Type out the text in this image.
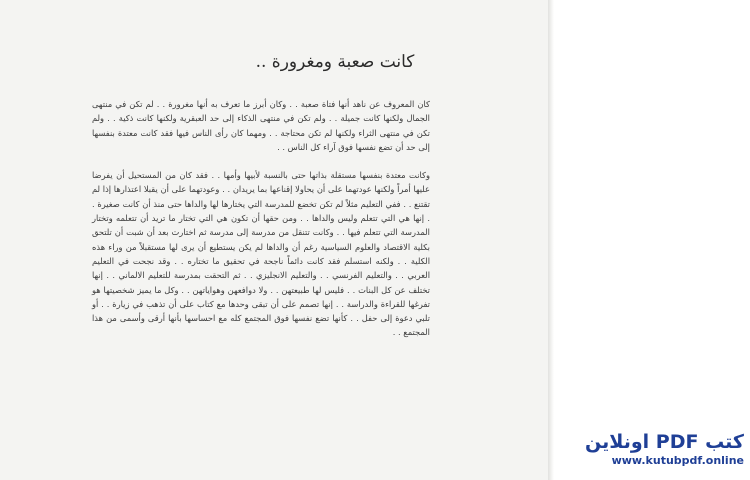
كانت صعبة ومغرورة ..

كان المعروف عن ناهد أنها فتاة صعبة . . وكان أبرز ما تعرف به أنها مغرورة . . لم تكن في منتهى الجمال ولكنها كانت جميلة . . ولم تكن في منتهى الذكاء إلى حد العبقرية ولكنها كانت ذكية . . ولم تكن في منتهى الثراء ولكنها لم تكن محتاجة . . ومهما كان رأى الناس فيها فقد كانت معتدة بنفسها إلى حد أن تضع نفسها فوق آراء كل الناس . .

وكانت معتدة بنفسها مستقلة بذاتها حتى بالنسبة لأبيها وأمها . . فقد كان من المستحيل أن يفرضا عليها أمراً ولكنها عودتهما على أن يحاولا إقناعها بما يريدان . . وعودتهما على أن يقبلا اعتذارها إذا لم تقتنع . . ففي التعليم مثلاً لم تكن تخضع للمدرسة التي يختارها لها والداها حتى منذ أن كانت صغيرة . . إنها هي التي تتعلم وليس والداها . . ومن حقها أن تكون هي التي تختار ما تريد أن تتعلمه وتختار المدرسة التي تتعلم فيها . . وكانت تتنقل من مدرسة إلى مدرسة ثم اختارت بعد أن شبت أن تلتحق بكلية الاقتصاد والعلوم السياسية رغم أن والداها لم يكن يستطيع أن يرى لها مستقبلاً من وراء هذه الكلية . . ولكنه استسلم فقد كانت دائماً ناجحة في تحقيق ما تختاره . . وقد نجحت في التعليم العربي . . والتعليم الفرنسي . . والتعليم الانجليزي . . ثم التحقت بمدرسة للتعليم الالماني . . إنها تختلف عن كل البنات . . فليس لها طبيعتهن . . ولا دوافعهن وهواياتهن . . وكل ما يميز شخصيتها هو تفرغها للقراءة والدراسة . . إنها تصمم على أن تبقى وحدها مع كتاب على أن تذهب في زيارة . . أو تلبي دعوة إلى حفل . . كأنها تضع نفسها فوق المجتمع كله مع احساسها بأنها أرقى وأسمى من هذا المجتمع . .

كتب PDF اونلاين
www.kutubpdf.online
